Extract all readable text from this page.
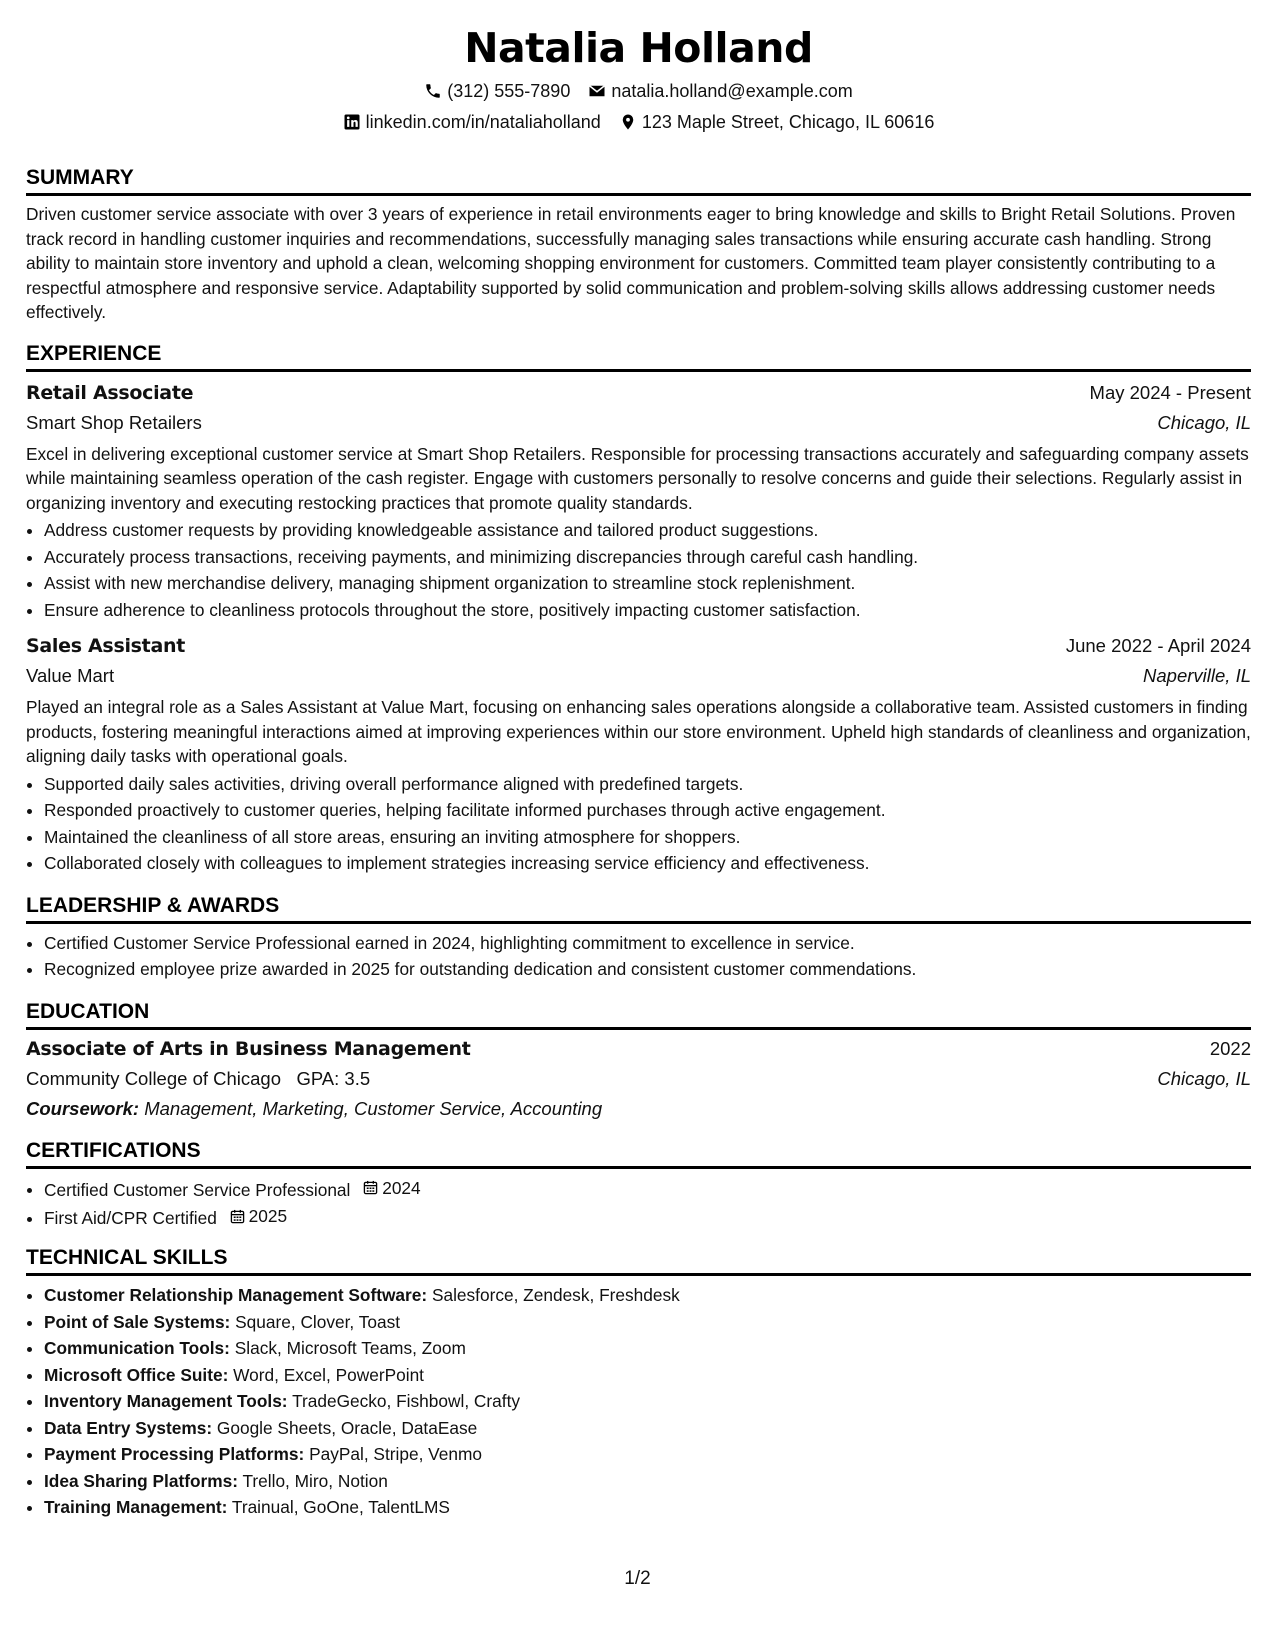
Natalia Holland
(312) 555-7890 natalia.holland@example.com
linkedin.com/in/nataliaholland 123 Maple Street, Chicago, IL 60616
SUMMARY

Driven customer service associate with over 3 years of experience in retail environments eager to bring knowledge and skills to Bright Retail Solutions. Proven track record in handling customer inquiries and recommendations, successfully managing sales transactions while ensuring accurate cash handling. Strong ability to maintain store inventory and uphold a clean, welcoming shopping environment for customers. Committed team player consistently contributing to a respectful atmosphere and responsive service. Adaptability supported by solid communication and problem-solving skills allows addressing customer needs effectively.

EXPERIENCE
Retail Associate	May 2024 - Present
Smart Shop Retailers	Chicago, IL

Excel in delivering exceptional customer service at Smart Shop Retailers. Responsible for processing transactions accurately and safeguarding company assets while maintaining seamless operation of the cash register. Engage with customers personally to resolve concerns and guide their selections. Regularly assist in organizing inventory and executing restocking practices that promote quality standards.

• Address customer requests by providing knowledgeable assistance and tailored product suggestions.
• Accurately process transactions, receiving payments, and minimizing discrepancies through careful cash handling.
• Assist with new merchandise delivery, managing shipment organization to streamline stock replenishment.
• Ensure adherence to cleanliness protocols throughout the store, positively impacting customer satisfaction.
Sales Assistant	June 2022 - April 2024
Value Mart	Naperville, IL

Played an integral role as a Sales Assistant at Value Mart, focusing on enhancing sales operations alongside a collaborative team. Assisted customers in finding products, fostering meaningful interactions aimed at improving experiences within our store environment. Upheld high standards of cleanliness and organization, aligning daily tasks with operational goals.

• Supported daily sales activities, driving overall performance aligned with predefined targets.
• Responded proactively to customer queries, helping facilitate informed purchases through active engagement.
• Maintained the cleanliness of all store areas, ensuring an inviting atmosphere for shoppers.
• Collaborated closely with colleagues to implement strategies increasing service efficiency and effectiveness.
LEADERSHIP & AWARDS
• Certified Customer Service Professional earned in 2024, highlighting commitment to excellence in service.
• Recognized employee prize awarded in 2025 for outstanding dedication and consistent customer commendations.
EDUCATION
Associate of Arts in Business Management	2022
Community College of Chicago GPA: 3.5	Chicago, IL
Coursework: Management, Marketing, Customer Service, Accounting
CERTIFICATIONS
• Certified Customer Service Professional 2024
• First Aid/CPR Certified 2025
TECHNICAL SKILLS
• Customer Relationship Management Software: Salesforce, Zendesk, Freshdesk
• Point of Sale Systems: Square, Clover, Toast
• Communication Tools: Slack, Microsoft Teams, Zoom
• Microsoft Office Suite: Word, Excel, PowerPoint
• Inventory Management Tools: TradeGecko, Fishbowl, Crafty
• Data Entry Systems: Google Sheets, Oracle, DataEase
• Payment Processing Platforms: PayPal, Stripe, Venmo
• Idea Sharing Platforms: Trello, Miro, Notion
• Training Management: Trainual, GoOne, TalentLMS
1/2
